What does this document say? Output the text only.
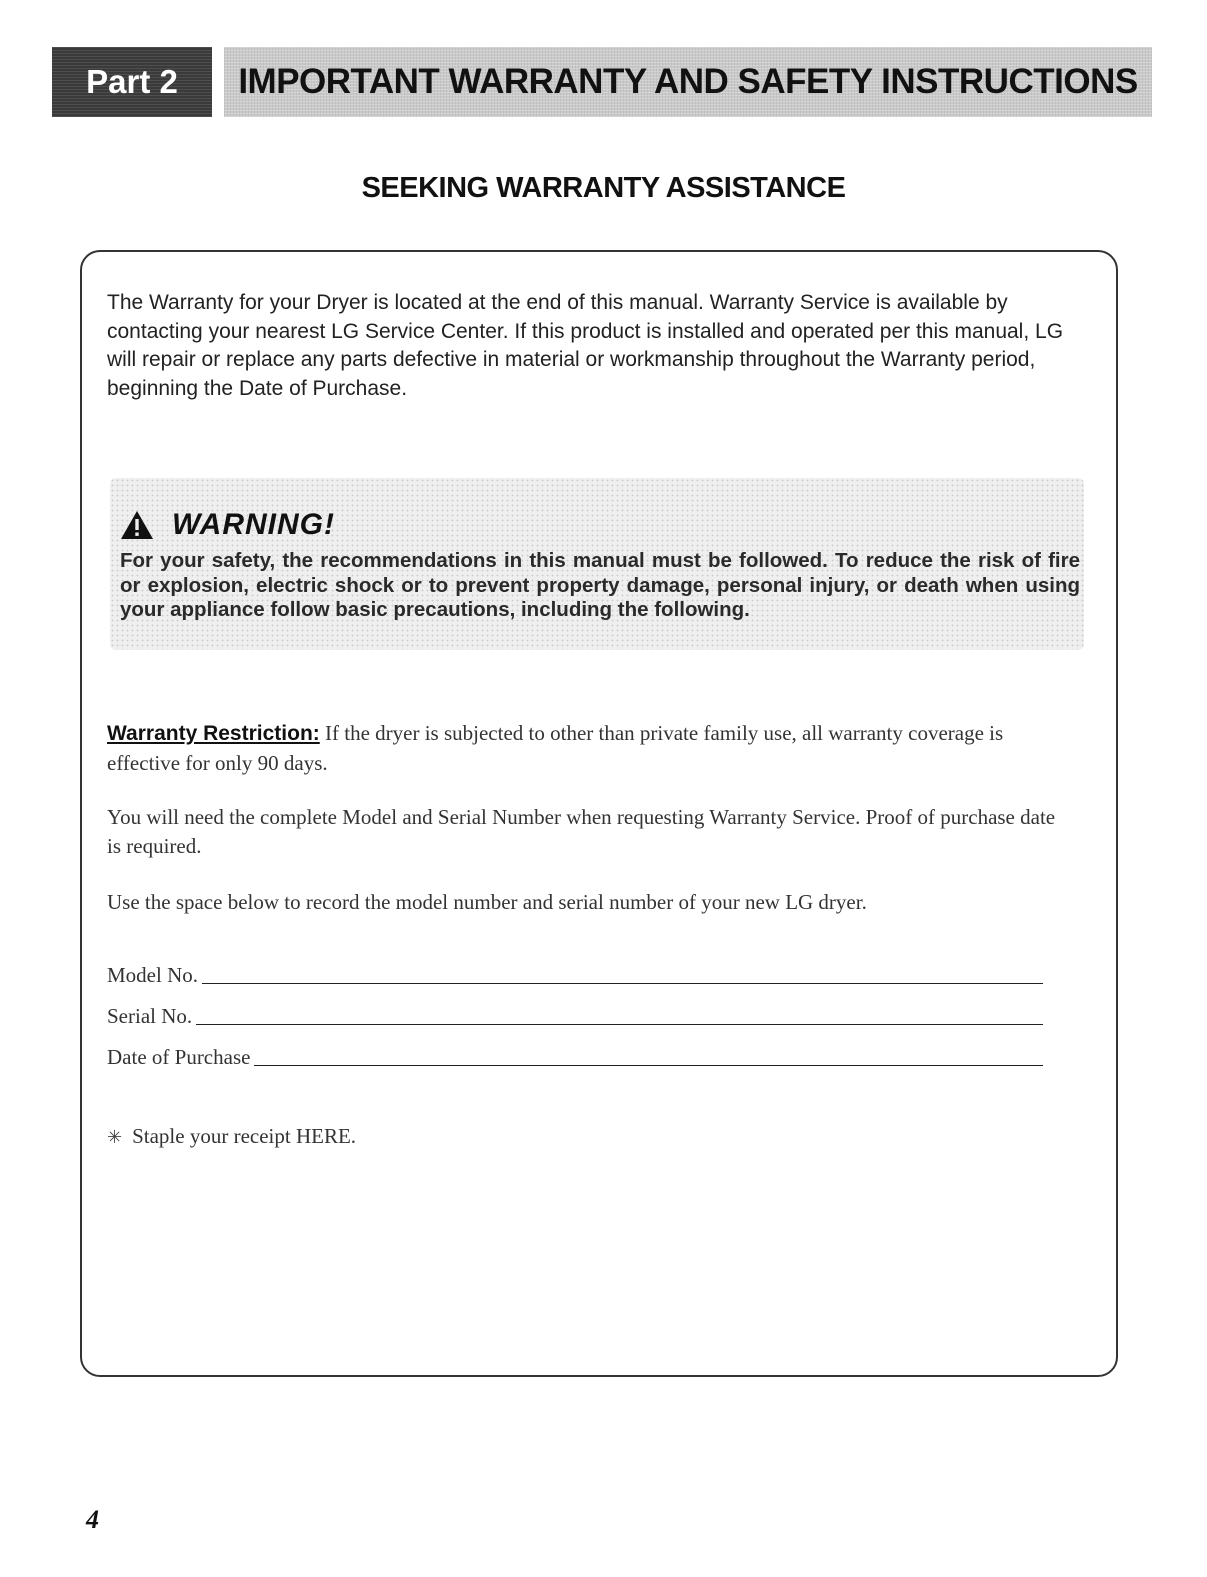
Part 2	IMPORTANT WARRANTY AND SAFETY INSTRUCTIONS
SEEKING WARRANTY ASSISTANCE
The Warranty for your Dryer is located at the end of this manual. Warranty Service is available by contacting your nearest LG Service Center. If this product is installed and operated per this manual, LG will repair or replace any parts defective in material or workmanship throughout the Warranty period, beginning the Date of Purchase.
WARNING!
For your safety, the recommendations in this manual must be followed. To reduce the risk of fire or explosion, electric shock or to prevent property damage, personal injury, or death when using your appliance follow basic precautions, including the following.
Warranty Restriction: If the dryer is subjected to other than private family use, all warranty coverage is effective for only 90 days.
You will need the complete Model and Serial Number when requesting Warranty Service. Proof of purchase date is required.
Use the space below to record the model number and serial number of your new LG dryer.
Model No.
Serial No.
Date of Purchase
✳ Staple your receipt HERE.
4
